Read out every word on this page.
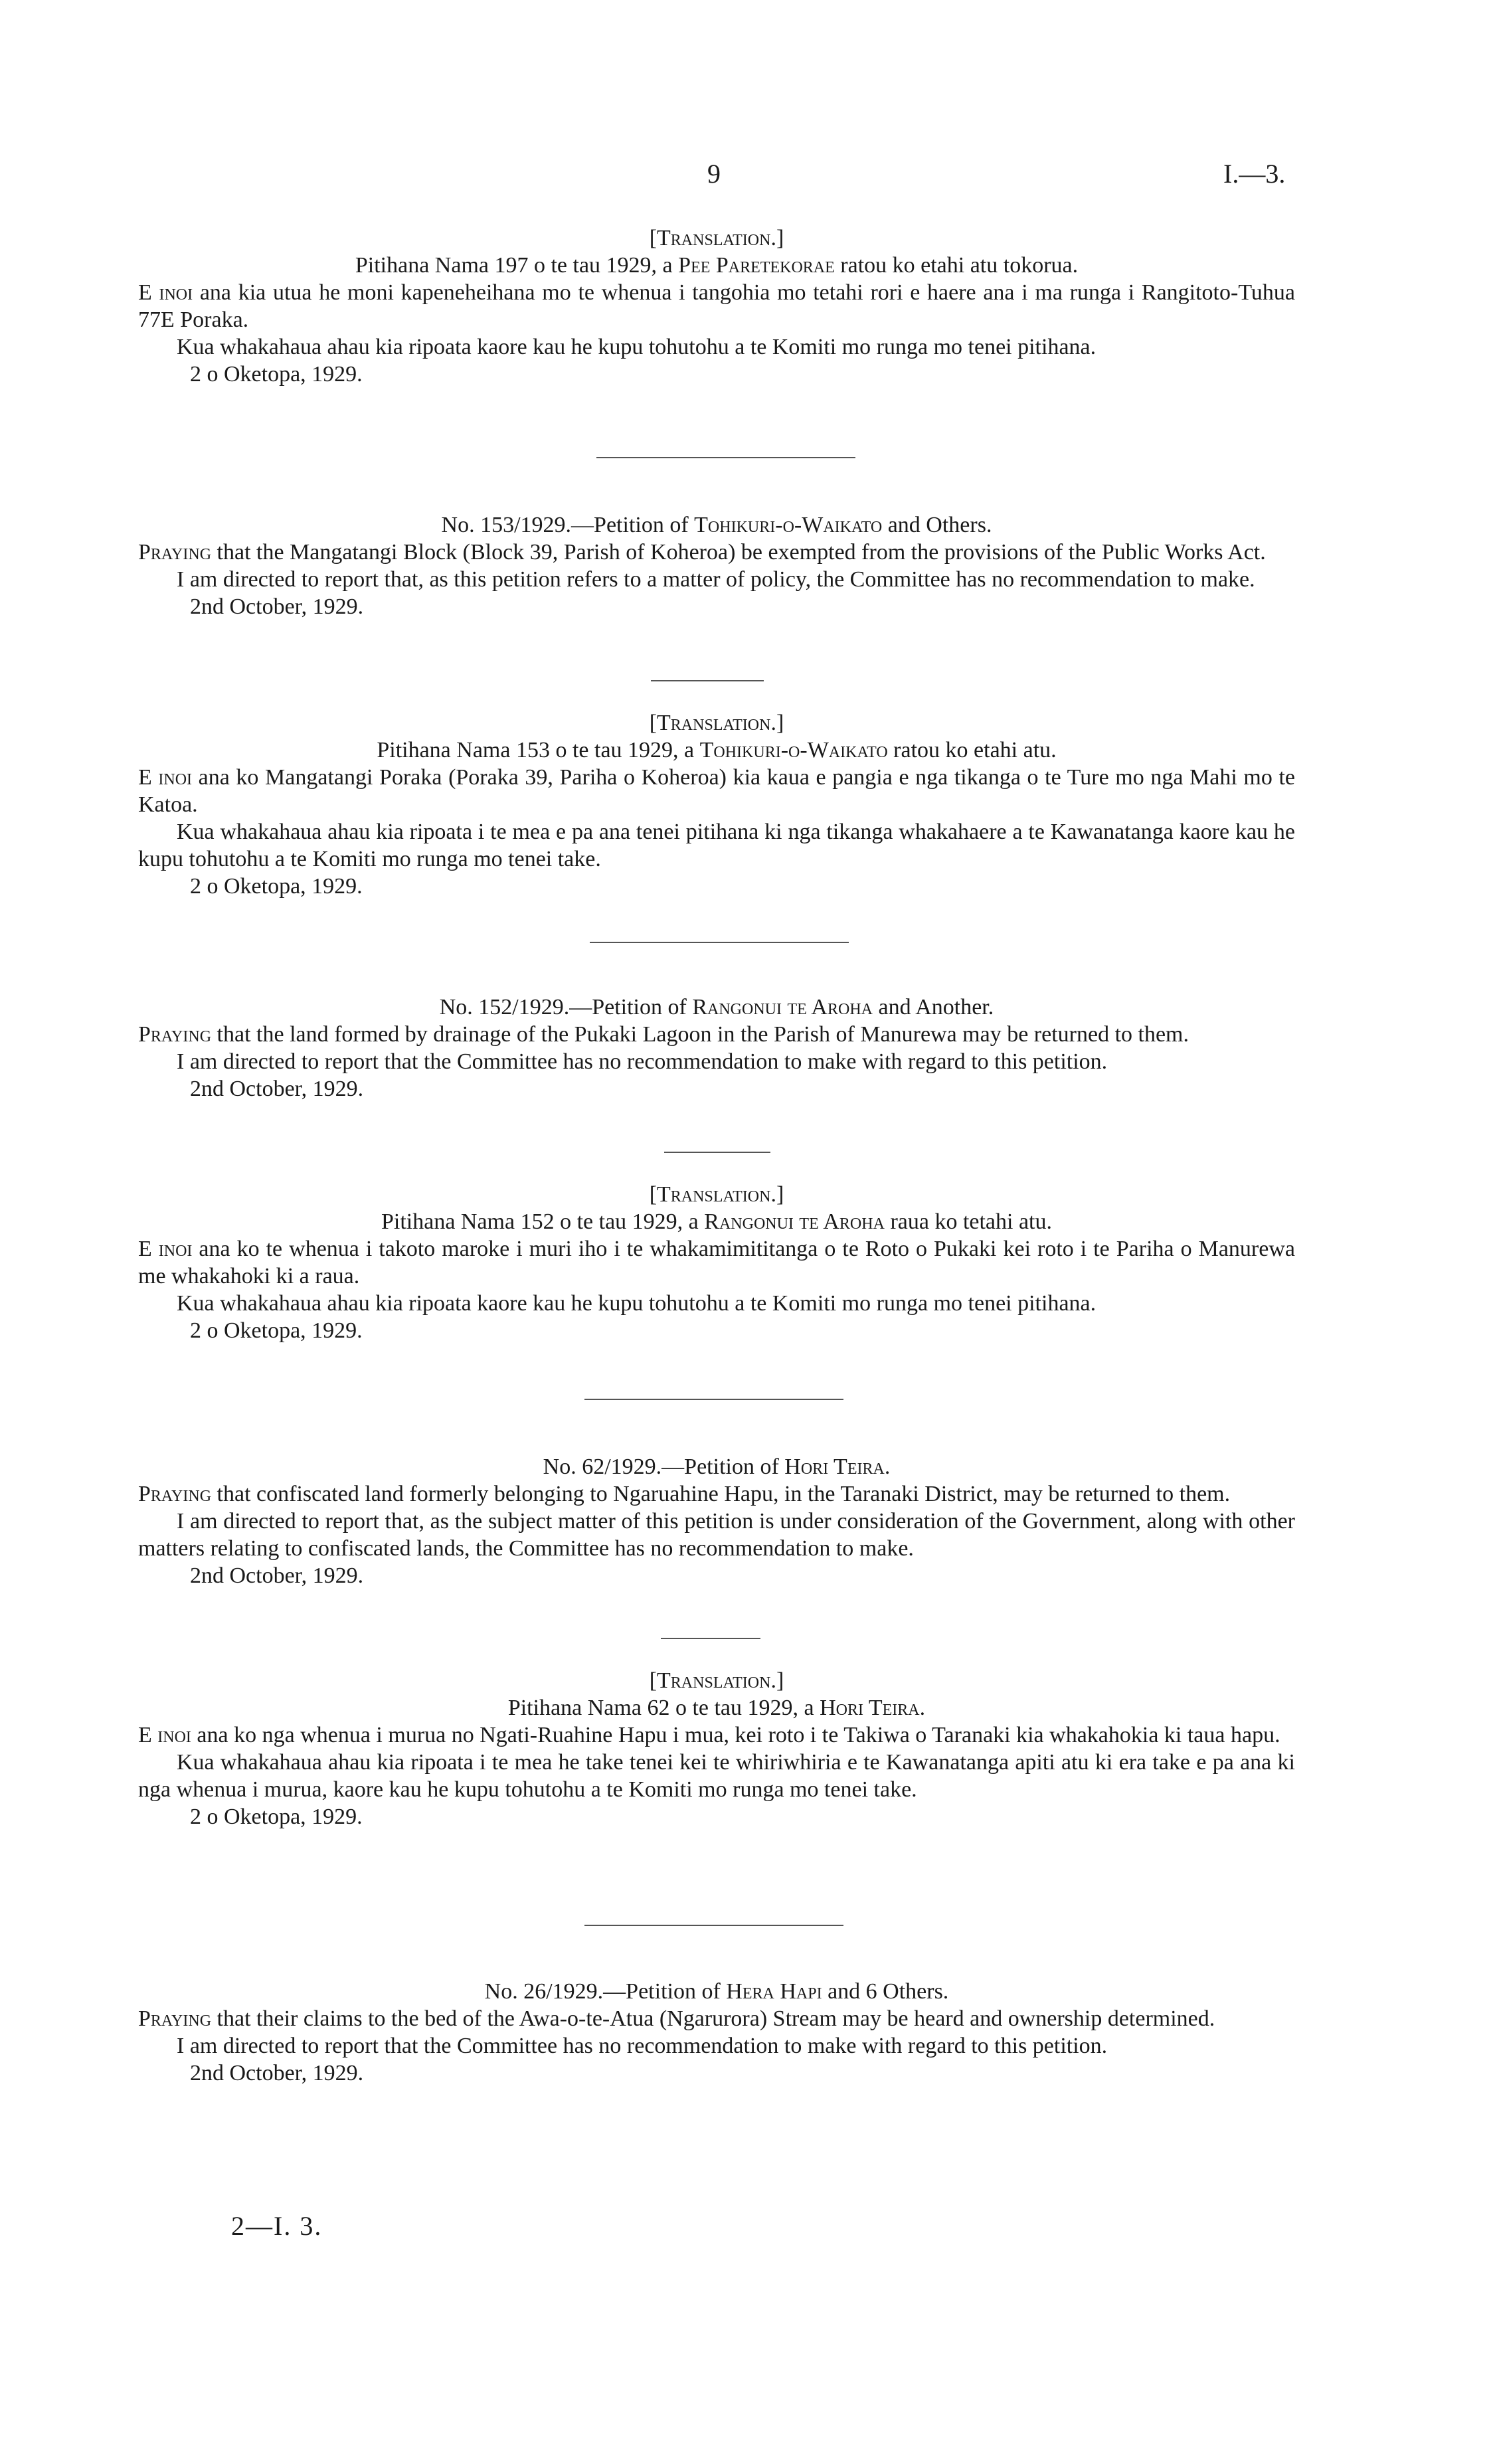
9	I.—3.

[Translation.]

Pitihana Nama 197 o te tau 1929, a Pee Paretekorae ratou ko etahi atu tokorua.

E inoi ana kia utua he moni kapeneheihana mo te whenua i tangohia mo tetahi rori e haere ana i ma runga i Rangitoto-Tuhua 77E Poraka.

Kua whakahaua ahau kia ripoata kaore kau he kupu tohutohu a te Komiti mo runga mo tenei pitihana.

2 o Oketopa, 1929.

No. 153/1929.—Petition of Tohikuri-o-Waikato and Others.

Praying that the Mangatangi Block (Block 39, Parish of Koheroa) be exempted from the provisions of the Public Works Act.

I am directed to report that, as this petition refers to a matter of policy, the Committee has no recommendation to make.

2nd October, 1929.

[Translation.]

Pitihana Nama 153 o te tau 1929, a Tohikuri-o-Waikato ratou ko etahi atu.

E inoi ana ko Mangatangi Poraka (Poraka 39, Pariha o Koheroa) kia kaua e pangia e nga tikanga o te Ture mo nga Mahi mo te Katoa.

Kua whakahaua ahau kia ripoata i te mea e pa ana tenei pitihana ki nga tikanga whakahaere a te Kawanatanga kaore kau he kupu tohutohu a te Komiti mo runga mo tenei take.

2 o Oketopa, 1929.

No. 152/1929.—Petition of Rangonui te Aroha and Another.

Praying that the land formed by drainage of the Pukaki Lagoon in the Parish of Manurewa may be returned to them.

I am directed to report that the Committee has no recommendation to make with regard to this petition.

2nd October, 1929.

[Translation.]

Pitihana Nama 152 o te tau 1929, a Rangonui te Aroha raua ko tetahi atu.

E inoi ana ko te whenua i takoto maroke i muri iho i te whakamimititanga o te Roto o Pukaki kei roto i te Pariha o Manurewa me whakahoki ki a raua.

Kua whakahaua ahau kia ripoata kaore kau he kupu tohutohu a te Komiti mo runga mo tenei pitihana.

2 o Oketopa, 1929.

No. 62/1929.—Petition of Hori Teira.

Praying that confiscated land formerly belonging to Ngaruahine Hapu, in the Taranaki District, may be returned to them.

I am directed to report that, as the subject matter of this petition is under consideration of the Government, along with other matters relating to confiscated lands, the Committee has no recommendation to make.

2nd October, 1929.

[Translation.]

Pitihana Nama 62 o te tau 1929, a Hori Teira.

E inoi ana ko nga whenua i murua no Ngati-Ruahine Hapu i mua, kei roto i te Takiwa o Taranaki kia whakahokia ki taua hapu.

Kua whakahaua ahau kia ripoata i te mea he take tenei kei te whiriwhiria e te Kawanatanga apiti atu ki era take e pa ana ki nga whenua i murua, kaore kau he kupu tohutohu a te Komiti mo runga mo tenei take.

2 o Oketopa, 1929.

No. 26/1929.—Petition of Hera Hapi and 6 Others.

Praying that their claims to the bed of the Awa-o-te-Atua (Ngarurora) Stream may be heard and ownership determined.

I am directed to report that the Committee has no recommendation to make with regard to this petition.

2nd October, 1929.

2—I. 3.
